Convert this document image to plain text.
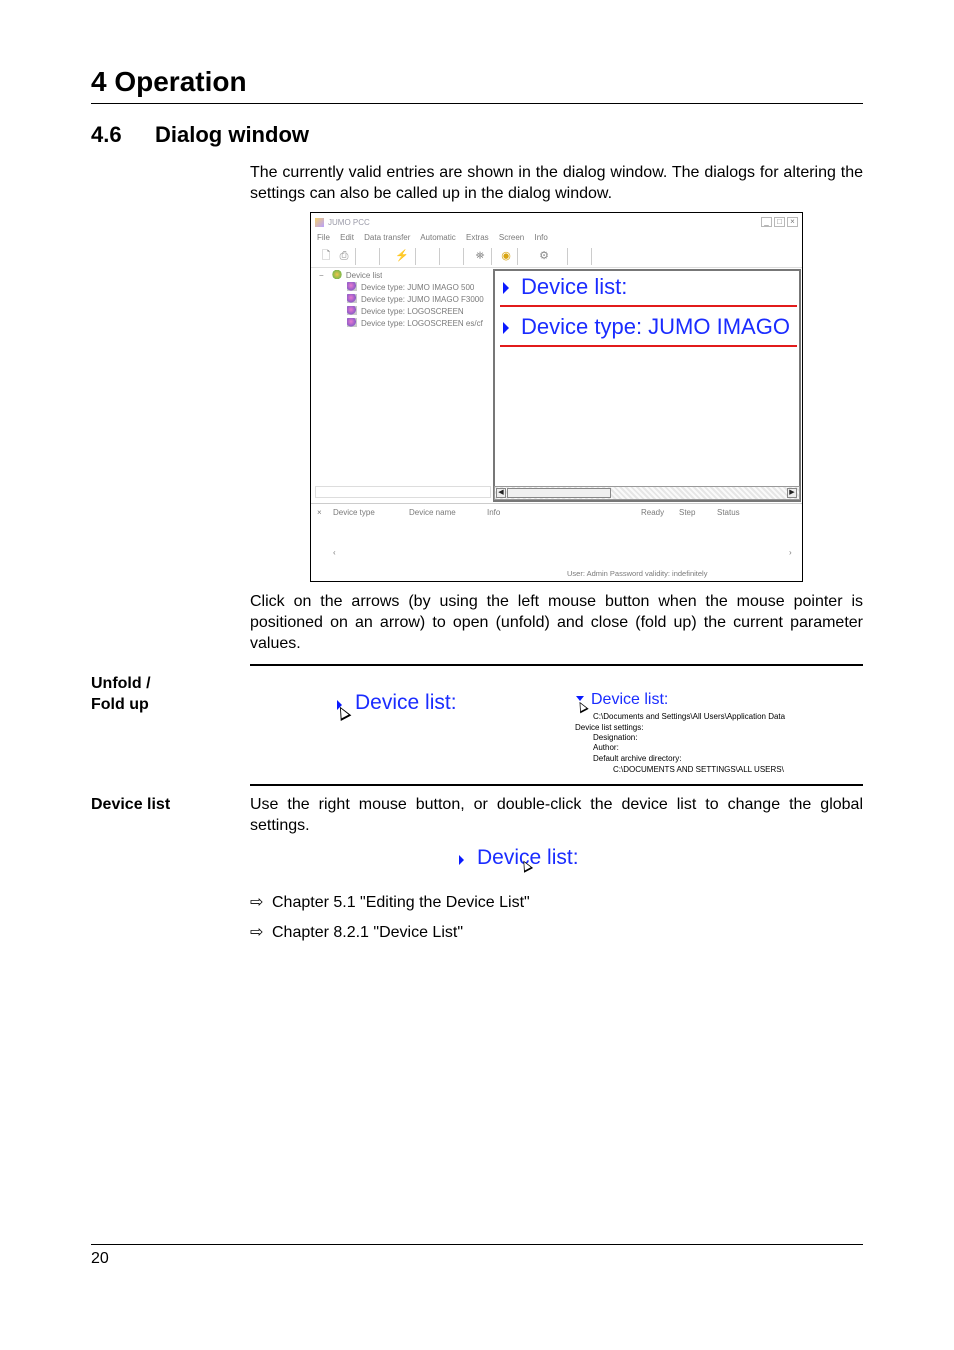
4 Operation
4.6 Dialog window
The currently valid entries are shown in the dialog window. The dialogs for altering the settings can also be called up in the dialog window.
JUMO PCC	_	□	×
File Edit Data transfer Automatic Extras Screen Info
🗋 ⎙	⚡	⛯ ◉	⚙
−	Device list
Device type: JUMO IMAGO 500
Device type: JUMO IMAGO F3000
Device type: LOGOSCREEN
Device type: LOGOSCREEN es/cf
Device list:
Device type: JUMO IMAGO
◀	▶
× Device type	Device name	Info	Ready Step	Status
‹	›
User: Admin Password validity: indefinitely
Click on the arrows (by using the left mouse button when the mouse pointer is positioned on an arrow) to open (unfold) and close (fold up) the current parameter values.
Unfold /
Fold up	Device list:	Device list:
C:\Documents and Settings\All Users\Application Data
Device list settings:
Designation:
Author:
Default archive directory:
C:\DOCUMENTS AND SETTINGS\ALL USERS\
Device list	Use the right mouse button, or double-click the device list to change the global settings.
Device list:
⇨ Chapter 5.1 "Editing the Device List"
⇨ Chapter 8.2.1 "Device List"
20
